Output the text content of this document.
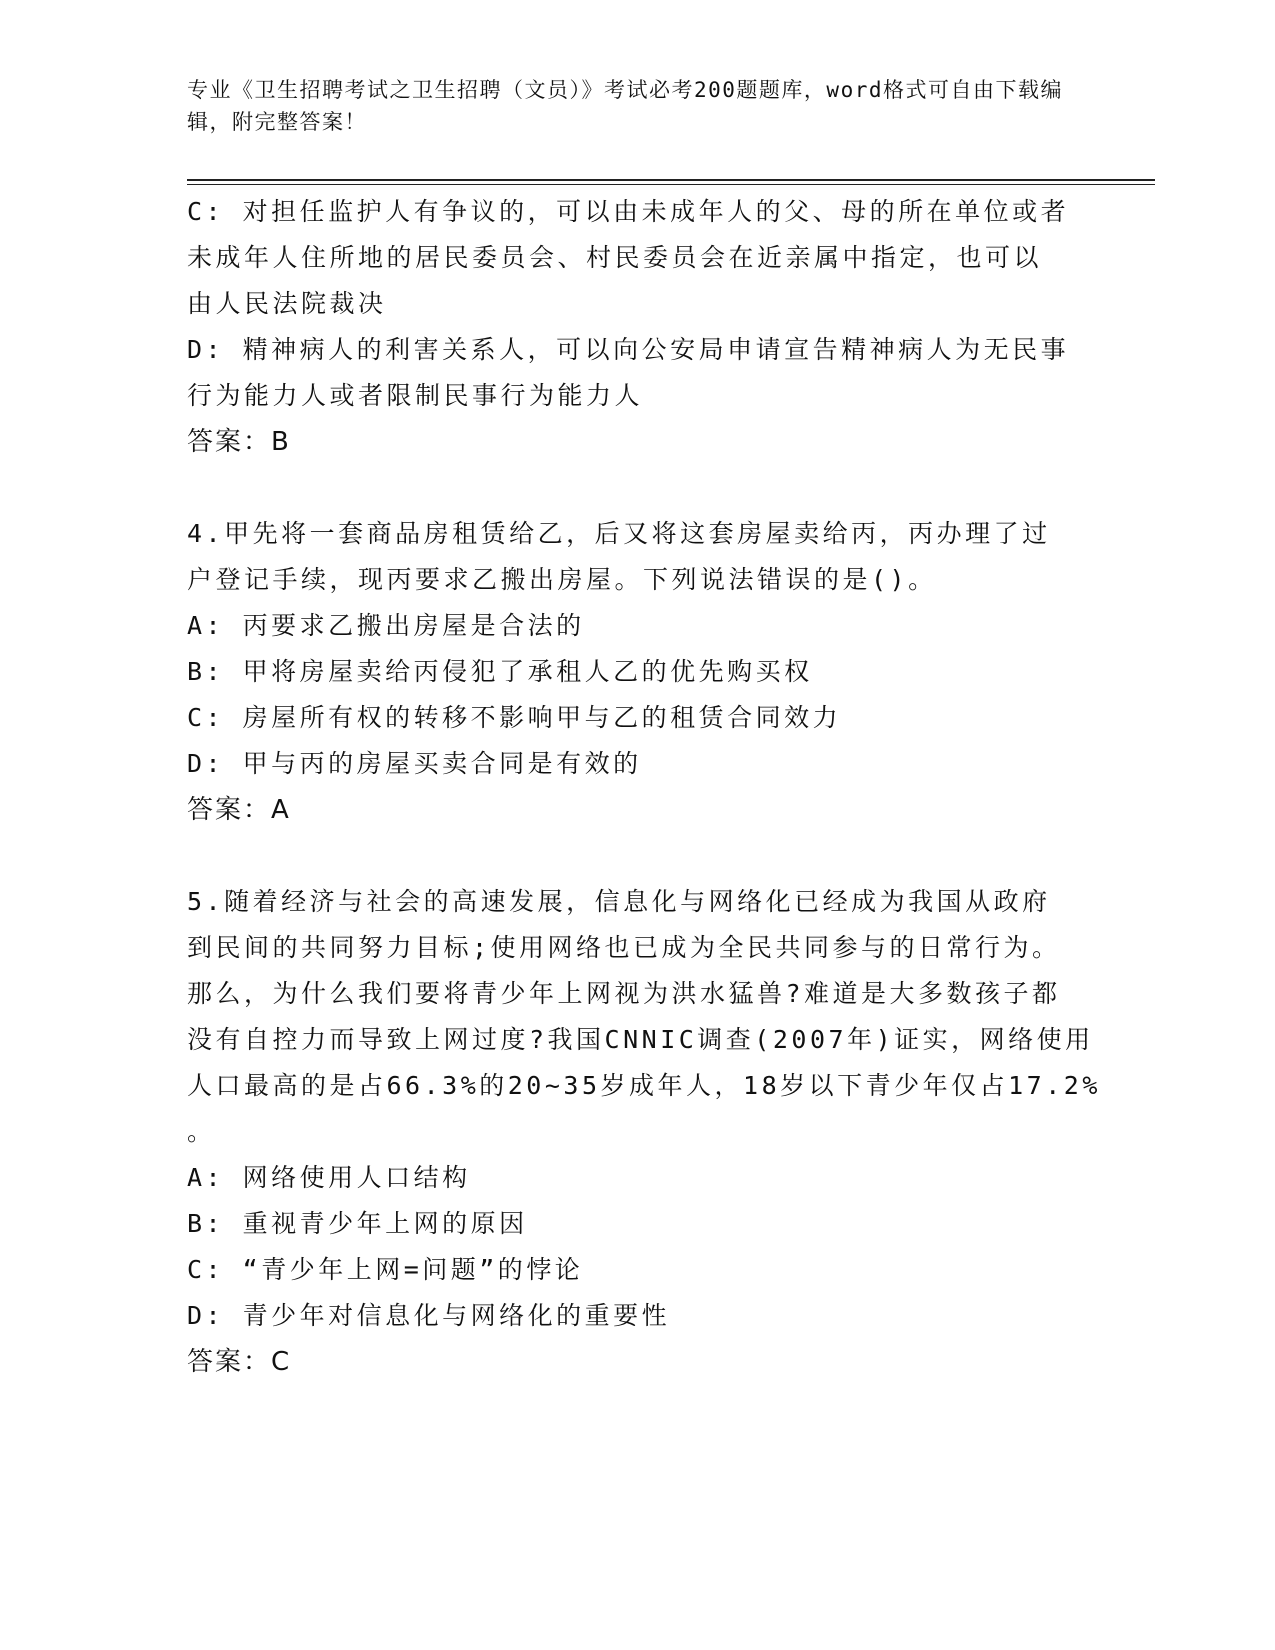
专业《卫生招聘考试之卫生招聘（文员）》考试必考200题题库，word格式可自由下载编辑，附完整答案！
C: 对担任监护人有争议的，可以由未成年人的父、母的所在单位或者
未成年人住所地的居民委员会、村民委员会在近亲属中指定，也可以
由人民法院裁决
D: 精神病人的利害关系人，可以向公安局申请宣告精神病人为无民事
行为能力人或者限制民事行为能力人
答案：B
4.甲先将一套商品房租赁给乙，后又将这套房屋卖给丙，丙办理了过
户登记手续，现丙要求乙搬出房屋。下列说法错误的是()。
A: 丙要求乙搬出房屋是合法的
B: 甲将房屋卖给丙侵犯了承租人乙的优先购买权
C: 房屋所有权的转移不影响甲与乙的租赁合同效力
D: 甲与丙的房屋买卖合同是有效的
答案：A
5.随着经济与社会的高速发展，信息化与网络化已经成为我国从政府
到民间的共同努力目标;使用网络也已成为全民共同参与的日常行为。
那么，为什么我们要将青少年上网视为洪水猛兽?难道是大多数孩子都
没有自控力而导致上网过度?我国CNNIC调查(2007年)证实，网络使用
人口最高的是占66.3%的20~35岁成年人，18岁以下青少年仅占17.2%
。
A: 网络使用人口结构
B: 重视青少年上网的原因
C: “青少年上网=问题”的悖论
D: 青少年对信息化与网络化的重要性
答案：C
